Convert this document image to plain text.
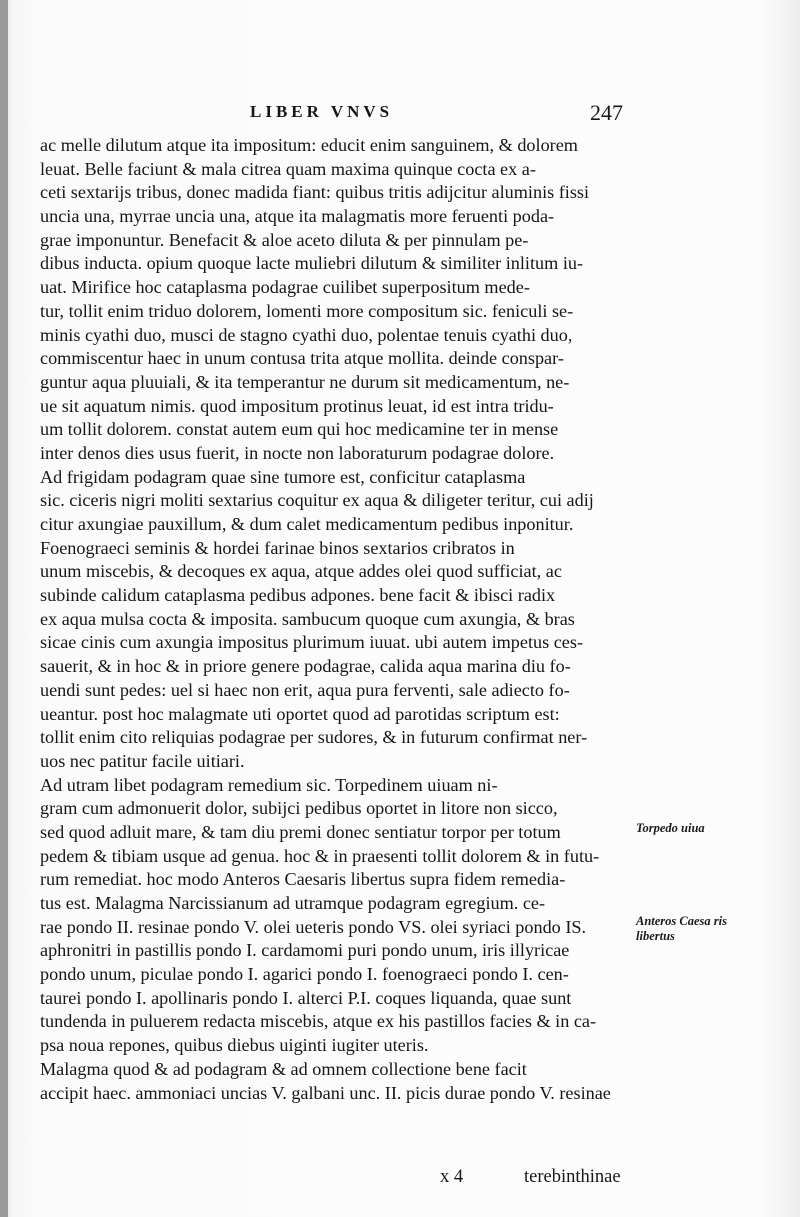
LIBER VNVS	247
ac melle dilutum atque ita impositum: educit enim sanguinem, & dolorem
leuat. Belle faciunt & mala citrea quam maxima quinque cocta ex a-
ceti sextarijs tribus, donec madida fiant: quibus tritis adijcitur aluminis fissi
uncia una, myrrae uncia una, atque ita malagmatis more feruenti poda-
grae imponuntur. Benefacit & aloe aceto diluta & per pinnulam pe-
dibus inducta. opium quoque lacte muliebri dilutum & similiter inlitum iu-
uat. Mirifice hoc cataplasma podagrae cuilibet superpositum mede-
tur, tollit enim triduo dolorem, lomenti more compositum sic. feniculi se-
minis cyathi duo, musci de stagno cyathi duo, polentae tenuis cyathi duo,
commiscentur haec in unum contusa trita atque mollita. deinde conspar-
guntur aqua pluuiali, & ita temperantur ne durum sit medicamentum, ne-
ue sit aquatum nimis. quod impositum protinus leuat, id est intra tridu-
um tollit dolorem. constat autem eum qui hoc medicamine ter in mense
inter denos dies usus fuerit, in nocte non laboraturum podagrae dolore.
Ad frigidam podagram quae sine tumore est, conficitur cataplasma
sic. ciceris nigri moliti sextarius coquitur ex aqua & diligeter teritur, cui adij
citur axungiae pauxillum, & dum calet medicamentum pedibus inponitur.
Foenograeci seminis & hordei farinae binos sextarios cribratos in
unum miscebis, & decoques ex aqua, atque addes olei quod sufficiat, ac
subinde calidum cataplasma pedibus adpones. bene facit & ibisci radix
ex aqua mulsa cocta & imposita. sambucum quoque cum axungia, & bras
sicae cinis cum axungia impositus plurimum iuuat. ubi autem impetus ces-
sauerit, & in hoc & in priore genere podagrae, calida aqua marina diu fo-
uendi sunt pedes: uel si haec non erit, aqua pura ferventi, sale adiecto fo-
ueantur. post hoc malagmate uti oportet quod ad parotidas scriptum est:
tollit enim cito reliquias podagrae per sudores, & in futurum confirmat ner-
uos nec patitur facile uitiari.
Ad utram libet podagram remedium sic. Torpedinem uiuam ni-
gram cum admonuerit dolor, subijci pedibus oportet in litore non sicco,
sed quod adluit mare, & tam diu premi donec sentiatur torpor per totum
pedem & tibiam usque ad genua. hoc & in praesenti tollit dolorem & in futu-
rum remediat. hoc modo Anteros Caesaris libertus supra fidem remedia-
tus est. Malagma Narcissianum ad utramque podagram egregium. ce-
rae pondo II. resinae pondo V. olei ueteris pondo VS. olei syriaci pondo IS.
aphronitri in pastillis pondo I. cardamomi puri pondo unum, iris illyricae
pondo unum, piculae pondo I. agarici pondo I. foenograeci pondo I. cen-
taurei pondo I. apollinaris pondo I. alterci P.I. coques liquanda, quae sunt
tundenda in puluerem redacta miscebis, atque ex his pastillos facies & in ca-
psa noua repones, quibus diebus uiginti iugiter uteris.
Malagma quod & ad podagram & ad omnem collectione bene facit
accipit haec. ammoniaci uncias V. galbani unc. II. picis durae pondo V. resinae
Torpedo uiua
Anteros Caesa ris libertus
x 4	terebinthinae
